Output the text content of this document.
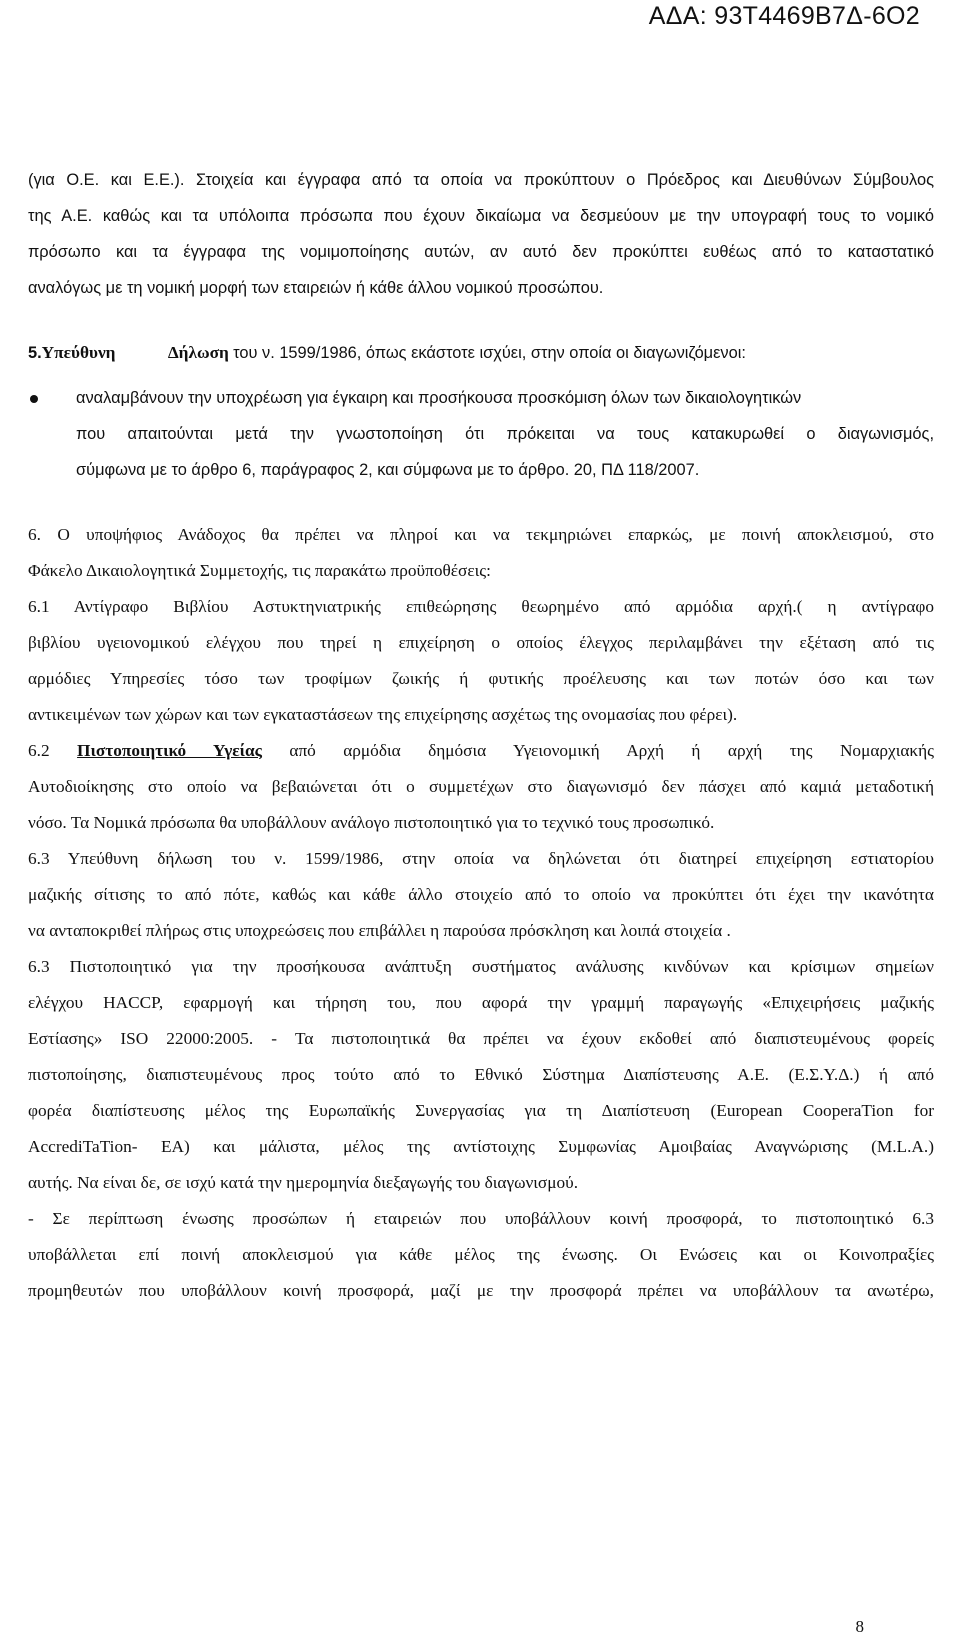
ΑΔΑ: 93Τ4469Β7Δ-6Ο2
(για Ο.Ε. και Ε.Ε.). Στοιχεία και έγγραφα από τα οποία να προκύπτουν ο Πρόεδρος και Διευθύνων Σύμβουλος
της Α.Ε. καθώς και τα υπόλοιπα πρόσωπα που έχουν δικαίωμα να δεσμεύουν με την υπογραφή τους το νομικό
πρόσωπο και τα έγγραφα της νομιμοποίησης αυτών, αν αυτό δεν προκύπτει ευθέως από το καταστατικό
αναλόγως με τη νομική μορφή των εταιρειών ή κάθε άλλου νομικού προσώπου.
5.Υπεύθυνη	Δήλωση του ν. 1599/1986, όπως εκάστοτε ισχύει, στην οποία οι διαγωνιζόμενοι:
αναλαμβάνουν την υποχρέωση για έγκαιρη και προσήκουσα προσκόμιση όλων των δικαιολογητικών
που απαιτούνται μετά την γνωστοποίηση ότι πρόκειται να τους κατακυρωθεί ο διαγωνισμός,
σύμφωνα με το άρθρο 6, παράγραφος 2, και σύμφωνα με το άρθρο. 20, ΠΔ 118/2007.
6. Ο υποψήφιος Ανάδοχος θα πρέπει να πληροί και να τεκμηριώνει επαρκώς, με ποινή αποκλεισμού, στο
Φάκελο Δικαιολογητικά Συμμετοχής, τις παρακάτω προϋποθέσεις:
6.1 Αντίγραφο Βιβλίου Αστυκτηνιατρικής επιθεώρησης θεωρημένο από αρμόδια αρχή.( η αντίγραφο
βιβλίου υγειονομικού ελέγχου που τηρεί η επιχείρηση ο οποίος έλεγχος περιλαμβάνει την εξέταση από τις
αρμόδιες Υπηρεσίες τόσο των τροφίμων ζωικής ή φυτικής προέλευσης και των ποτών όσο και των
αντικειμένων των χώρων και των εγκαταστάσεων της επιχείρησης ασχέτως της ονομασίας που φέρει).
6.2 Πιστοποιητικό Υγείας από αρμόδια δημόσια Υγειονομική Αρχή ή αρχή της Νομαρχιακής
Αυτοδιοίκησης στο οποίο να βεβαιώνεται ότι ο συμμετέχων στο διαγωνισμό δεν πάσχει από καμιά μεταδοτική
νόσο. Τα Νομικά πρόσωπα θα υποβάλλουν ανάλογο πιστοποιητικό για το τεχνικό τους προσωπικό.
6.3 Υπεύθυνη δήλωση του ν. 1599/1986, στην οποία να δηλώνεται ότι διατηρεί επιχείρηση εστιατορίου
μαζικής σίτισης το από πότε, καθώς και κάθε άλλο στοιχείο από το οποίο να προκύπτει ότι έχει την ικανότητα
να ανταποκριθεί πλήρως στις υποχρεώσεις που επιβάλλει η παρούσα πρόσκληση και λοιπά στοιχεία .
6.3 Πιστοποιητικό για την προσήκουσα ανάπτυξη συστήματος ανάλυσης κινδύνων και κρίσιμων σημείων
ελέγχου HACCP, εφαρμογή και τήρηση του, που αφορά την γραμμή παραγωγής «Επιχειρήσεις μαζικής
Εστίασης» ISO 22000:2005. - Τα πιστοποιητικά θα πρέπει να έχουν εκδοθεί από διαπιστευμένους φορείς
πιστοποίησης, διαπιστευμένους προς τούτο από το Εθνικό Σύστημα Διαπίστευσης Α.Ε. (Ε.Σ.Υ.Δ.) ή από
φορέα διαπίστευσης μέλος της Ευρωπαϊκής Συνεργασίας για τη Διαπίστευση (European CooperaTion for
AccrediTaTion- EA) και μάλιστα, μέλος της αντίστοιχης Συμφωνίας Αμοιβαίας Αναγνώρισης (M.L.A.)
αυτής. Να είναι δε, σε ισχύ κατά την ημερομηνία διεξαγωγής του διαγωνισμού.
- Σε περίπτωση ένωσης προσώπων ή εταιρειών που υποβάλλουν κοινή προσφορά, το πιστοποιητικό 6.3
υποβάλλεται επί ποινή αποκλεισμού για κάθε μέλος της ένωσης. Οι Ενώσεις και οι Κοινοπραξίες
προμηθευτών που υποβάλλουν κοινή προσφορά, μαζί με την προσφορά πρέπει να υποβάλλουν τα ανωτέρω,
8
